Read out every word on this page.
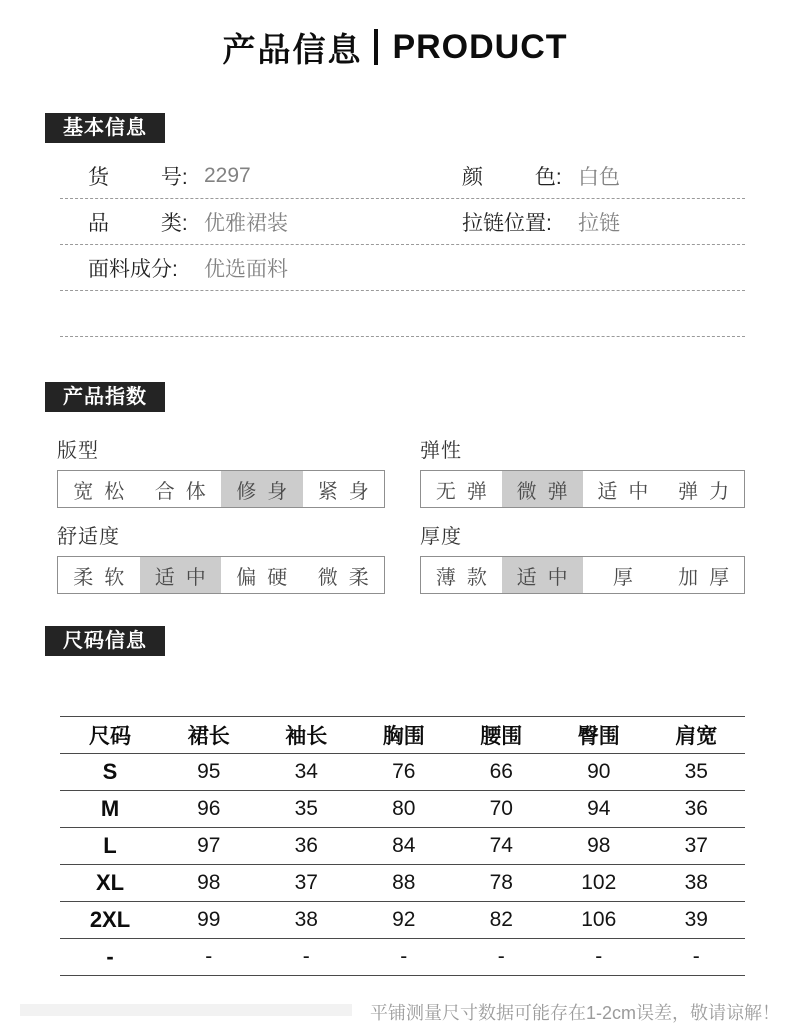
产品信息 PRODUCT
基本信息
货 号: 2297	颜 色: 白色
品 类: 优雅裙装	拉链位置:	拉链
面料成分:	优选面料
产品指数
版型
宽松 合体 修身 紧身
弹性
无弹 微弹 适中 弹力
舒适度
柔软 适中 偏硬 微柔
厚度
薄款 适中	厚	加厚
尺码信息
尺码	裙长	袖长	胸围	腰围	臀围	肩宽
S	95	34	76	66	90	35
M	96	35	80	70	94	36
L	97	36	84	74	98	37
XL	98	37	88	78	102	38
2XL	99	38	92	82	106	39
-	-	-	-	-	-	-
平铺测量尺寸数据可能存在1-2cm误差，敬请谅解！
